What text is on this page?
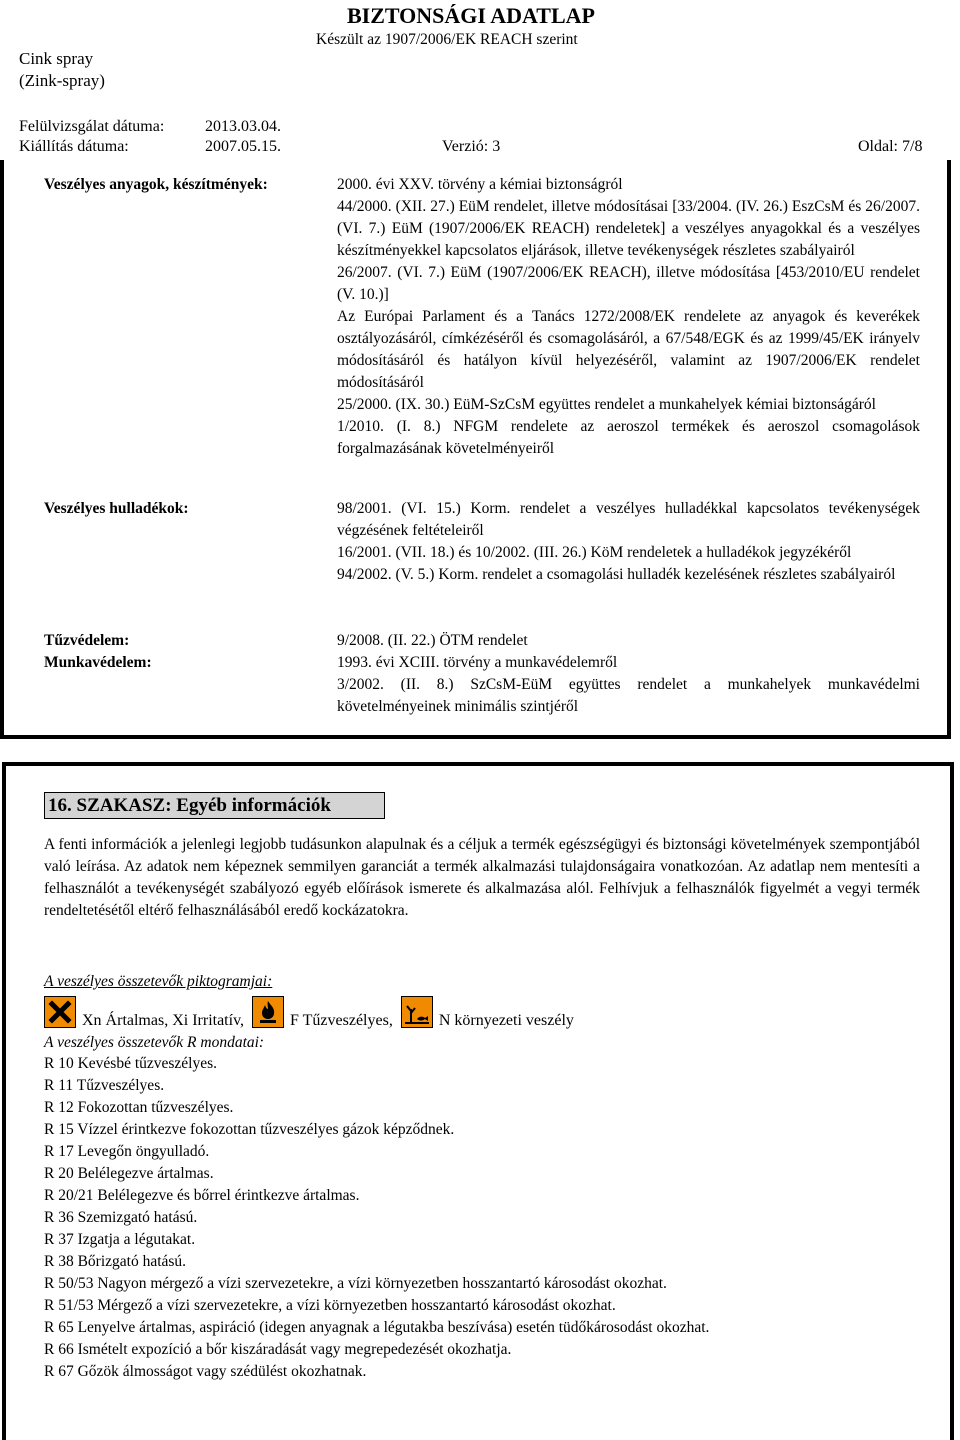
BIZTONSÁGI ADATLAP
Készült az 1907/2006/EK REACH szerint
Cink spray
(Zink-spray)
Felülvizsgálat dátuma:	2013.03.04.
Kiállítás dátuma:	2007.05.15.	Verzió: 3	Oldal: 7/8
Veszélyes anyagok, készítmények:	2000. évi XXV. törvény a kémiai biztonságról

44/2000. (XII. 27.) EüM rendelet, illetve módosításai [33/2004. (IV. 26.) EszCsM és 26/2007. (VI. 7.) EüM (1907/2006/EK REACH) rendeletek] a veszélyes anyagokkal és a veszélyes készítményekkel kapcsolatos eljárások, illetve tevékenységek részletes szabályairól

26/2007. (VI. 7.) EüM (1907/2006/EK REACH), illetve módosítása [453/2010/EU rendelet (V. 10.)]

Az Európai Parlament és a Tanács 1272/2008/EK rendelete az anyagok és keverékek osztályozásáról, címkézéséről és csomagolásáról, a 67/548/EGK és az 1999/45/EK irányelv módosításáról és hatályon kívül helyezéséről, valamint az 1907/2006/EK rendelet módosításáról

25/2000. (IX. 30.) EüM-SzCsM együttes rendelet a munkahelyek kémiai biztonságáról

1/2010. (I. 8.) NFGM rendelete az aeroszol termékek és aeroszol csomagolások forgalmazásának követelményeiről

Veszélyes hulladékok:	98/2001. (VI. 15.) Korm. rendelet a veszélyes hulladékkal kapcsolatos tevékenységek végzésének feltételeiről

16/2001. (VII. 18.) és 10/2002. (III. 26.) KöM rendeletek a hulladékok jegyzékéről

94/2002. (V. 5.) Korm. rendelet a csomagolási hulladék kezelésének részletes szabályairól

Tűzvédelem:	9/2008. (II. 22.) ÖTM rendelet
Munkavédelem:	1993. évi XCIII. törvény a munkavédelemről

3/2002. (II. 8.) SzCsM-EüM együttes rendelet a munkahelyek munkavédelmi követelményeinek minimális szintjéről

16. SZAKASZ: Egyéb információk

A fenti információk a jelenlegi legjobb tudásunkon alapulnak és a céljuk a termék egészségügyi és biztonsági követelmények szempontjából való leírása. Az adatok nem képeznek semmilyen garanciát a termék alkalmazási tulajdonságaira vonatkozóan. Az adatlap nem mentesíti a felhasználót a tevékenységét szabályozó egyéb előírások ismerete és alkalmazása alól. Felhívjuk a felhasználók figyelmét a vegyi termék rendeltetésétől eltérő felhasználásából eredő kockázatokra.

A veszélyes összetevők piktogramjai:
Xn Ártalmas, Xi Irritatív,	F Tűzveszélyes,	N környezeti veszély
A veszélyes összetevők R mondatai:
R 10 Kevésbé tűzveszélyes.
R 11 Tűzveszélyes.
R 12 Fokozottan tűzveszélyes.
R 15 Vízzel érintkezve fokozottan tűzveszélyes gázok képződnek.
R 17 Levegőn öngyulladó.
R 20 Belélegezve ártalmas.
R 20/21 Belélegezve és bőrrel érintkezve ártalmas.
R 36 Szemizgató hatású.
R 37 Izgatja a légutakat.
R 38 Bőrizgató hatású.
R 50/53 Nagyon mérgező a vízi szervezetekre, a vízi környezetben hosszantartó károsodást okozhat.
R 51/53 Mérgező a vízi szervezetekre, a vízi környezetben hosszantartó károsodást okozhat.
R 65 Lenyelve ártalmas, aspiráció (idegen anyagnak a légutakba beszívása) esetén tüdőkárosodást okozhat.
R 66 Ismételt expozíció a bőr kiszáradását vagy megrepedezését okozhatja.
R 67 Gőzök álmosságot vagy szédülést okozhatnak.
